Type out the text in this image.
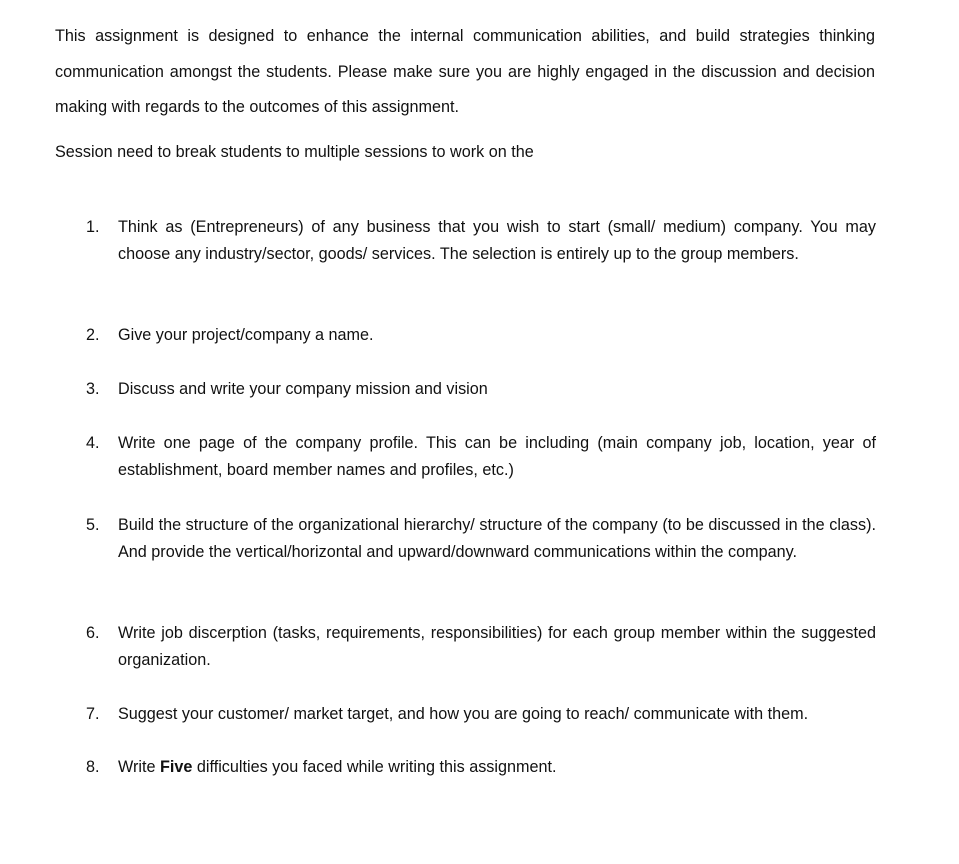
This assignment is designed to enhance the internal communication abilities, and build strategies thinking communication amongst the students. Please make sure you are highly engaged in the discussion and decision making with regards to the outcomes of this assignment.

Session need to break students to multiple sessions to work on the

1.	Think as (Entrepreneurs) of any business that you wish to start (small/ medium) company. You may choose any industry/sector, goods/ services. The selection is entirely up to the group members.
2.	Give your project/company a name.
3.	Discuss and write your company mission and vision
4.	Write one page of the company profile. This can be including (main company job, location, year of establishment, board member names and profiles, etc.)
5.	Build the structure of the organizational hierarchy/ structure of the company (to be discussed in the class). And provide the vertical/horizontal and upward/downward communications within the company.
6.	Write job discerption (tasks, requirements, responsibilities) for each group member within the suggested organization.
7.	Suggest your customer/ market target, and how you are going to reach/ communicate with them.
8.	Write Five difficulties you faced while writing this assignment.
